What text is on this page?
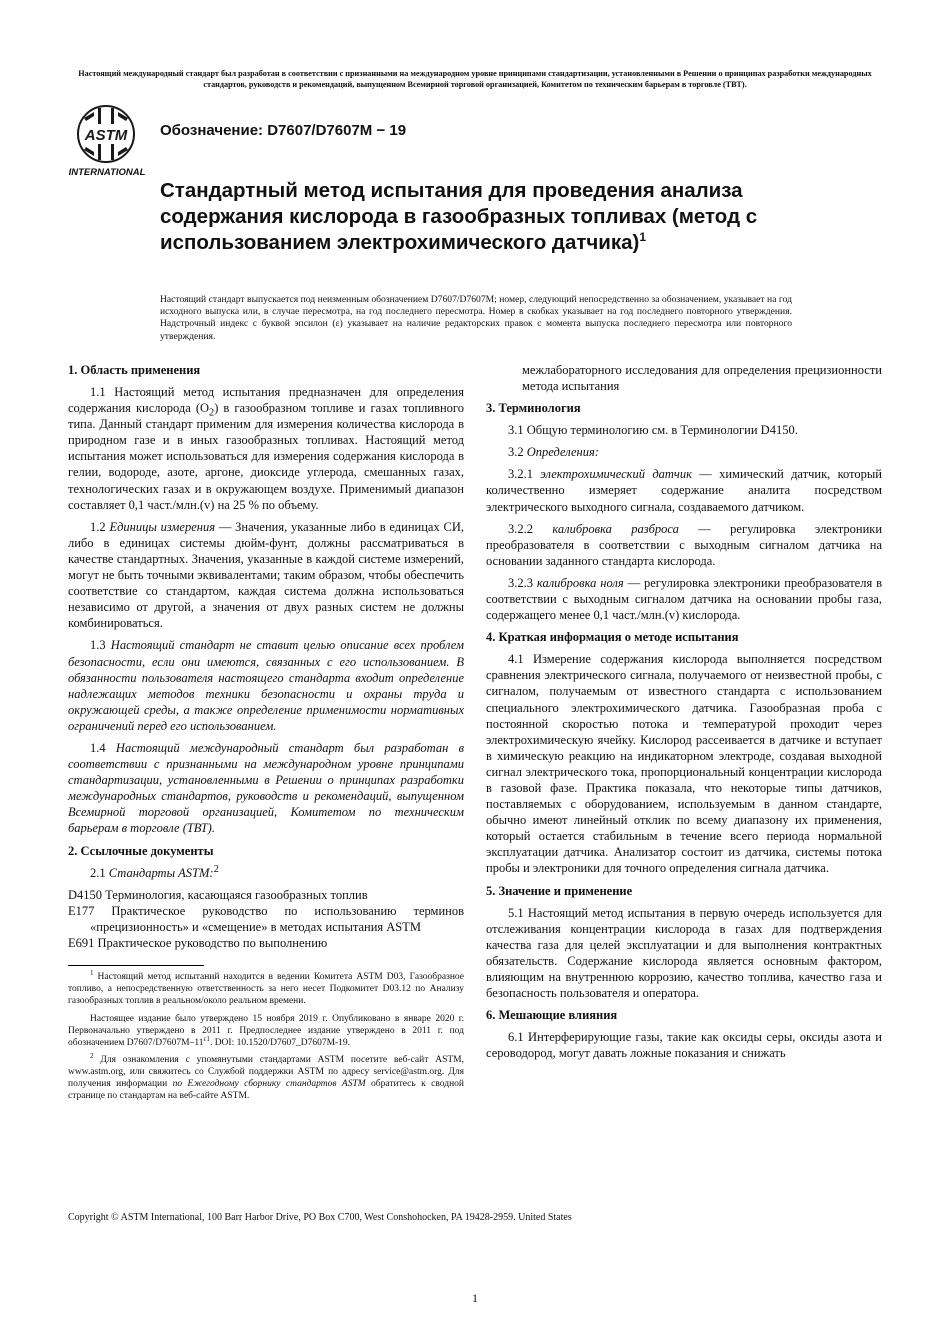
Настоящий международный стандарт был разработан в соответствии с признанными на международном уровне принципами стандартизации, установленными в Решении о принципах разработки международных стандартов, руководств и рекомендаций, выпущенном Всемирной торговой организацией, Комитетом по техническим барьерам в торговле (ТВТ).
ASTM
INTERNATIONAL
Обозначение: D7607/D7607M − 19
Стандартный метод испытания для проведения анализа содержания кислорода в газообразных топливах (метод с использованием электрохимического датчика)$^1$
Настоящий стандарт выпускается под неизменным обозначением D7607/D7607M; номер, следующий непосредственно за обозначением, указывает на год исходного выпуска или, в случае пересмотра, на год последнего пересмотра. Номер в скобках указывает на год последнего повторного утверждения. Надстрочный индекс с буквой эпсилон (ε) указывает на наличие редакторских правок с момента выпуска последнего пересмотра или повторного утверждения.
1. Область применения

1.1 Настоящий метод испытания предназначен для определения содержания кислорода $(O_2)$ в газообразном топливе и газах топливного типа. Данный стандарт применим для измерения количества кислорода в природном газе и в иных газообразных топливах. Настоящий метод испытания может использоваться для измерения содержания кислорода в гелии, водороде, азоте, аргоне, диоксиде углерода, смешанных газах, технологических газах и в окружающем воздухе. Применимый диапазон составляет 0,1 част./млн.(v) на 25 % по объему.

1.2 Единицы измерения — Значения, указанные либо в единицах СИ, либо в единицах системы дюйм-фунт, должны рассматриваться в качестве стандартных. Значения, указанные в каждой системе измерений, могут не быть точными эквивалентами; таким образом, чтобы обеспечить соответствие со стандартом, каждая система должна использоваться независимо от другой, а значения от двух разных систем не должны комбинироваться.

1.3 Настоящий стандарт не ставит целью описание всех проблем безопасности, если они имеются, связанных с его использованием. В обязанности пользователя настоящего стандарта входит определение надлежащих методов техники безопасности и охраны труда и окружающей среды, а также определение применимости нормативных ограничений перед его использованием.

1.4 Настоящий международный стандарт был разработан в соответствии с признанными на международном уровне принципами стандартизации, установленными в Решении о принципах разработки международных стандартов, руководств и рекомендаций, выпущенном Всемирной торговой организацией, Комитетом по техническим барьерам в торговле (ТВТ).

2. Ссылочные документы

2.1 Стандарты ASTM:$^2$

D4150 Терминология, касающаяся газообразных топлив
E177 Практическое руководство по использованию терминов «прецизионность» и «смещение» в методах испытания ASTM
E691 Практическое руководство по выполнению

$^1$ Настоящий метод испытаний находится в ведении Комитета ASTM D03, Газообразное топливо, а непосредственную ответственность за него несет Подкомитет D03.12 по Анализу газообразных топлив в реальном/около реальном времени.

Настоящее издание было утверждено 15 ноября 2019 г. Опубликовано в январе 2020 г. Первоначально утверждено в 2011 г. Предпоследнее издание утверждено в 2011 г. под обозначением $D7607/D7607M-11^{\varepsilon 1}$. DOI: 10.1520/D7607_D7607M-19.

$^2$ Для ознакомления с упомянутыми стандартами ASTM посетите веб-сайт ASTM, www.astm.org, или свяжитесь со Службой поддержки ASTM по адресу service@astm.org. Для получения информации по Ежегодному сборнику стандартов ASTM обратитесь к сводной странице по стандартам на веб-сайте ASTM.

межлабораторного исследования для определения прецизионности метода испытания

3. Терминология

3.1 Общую терминологию см. в Терминологии D4150.

3.2 Определения:

3.2.1 электрохимический датчик — химический датчик, который количественно измеряет содержание аналита посредством электрического выходного сигнала, создаваемого датчиком.

3.2.2 калибровка разброса — регулировка электроники преобразователя в соответствии с выходным сигналом датчика на основании заданного стандарта кислорода.

3.2.3 калибровка ноля — регулировка электроники преобразователя в соответствии с выходным сигналом датчика на основании пробы газа, содержащего менее 0,1 част./млн.(v) кислорода.

4. Краткая информация о методе испытания

4.1 Измерение содержания кислорода выполняется посредством сравнения электрического сигнала, получаемого от неизвестной пробы, с сигналом, получаемым от известного стандарта с использованием специального электрохимического датчика. Газообразная проба с постоянной скоростью потока и температурой проходит через электрохимическую ячейку. Кислород рассеивается в датчике и вступает в химическую реакцию на индикаторном электроде, создавая выходной сигнал электрического тока, пропорциональный концентрации кислорода в газовой фазе. Практика показала, что некоторые типы датчиков, поставляемых с оборудованием, используемым в данном стандарте, обычно имеют линейный отклик по всему диапазону их применения, который остается стабильным в течение всего периода нормальной эксплуатации датчика. Анализатор состоит из датчика, системы потока пробы и электроники для точного определения сигнала датчика.

5. Значение и применение

5.1 Настоящий метод испытания в первую очередь используется для отслеживания концентрации кислорода в газах для подтверждения качества газа для целей эксплуатации и для выполнения контрактных обязательств. Содержание кислорода является основным фактором, влияющим на внутреннюю коррозию, качество топлива, качество газа и безопасность пользователя и оператора.

6. Мешающие влияния

6.1 Интерферирующие газы, такие как оксиды серы, оксиды азота и сероводород, могут давать ложные показания и снижать

Copyright © ASTM International, 100 Barr Harbor Drive, PO Box C700, West Conshohocken, PA 19428-2959. United States
1
